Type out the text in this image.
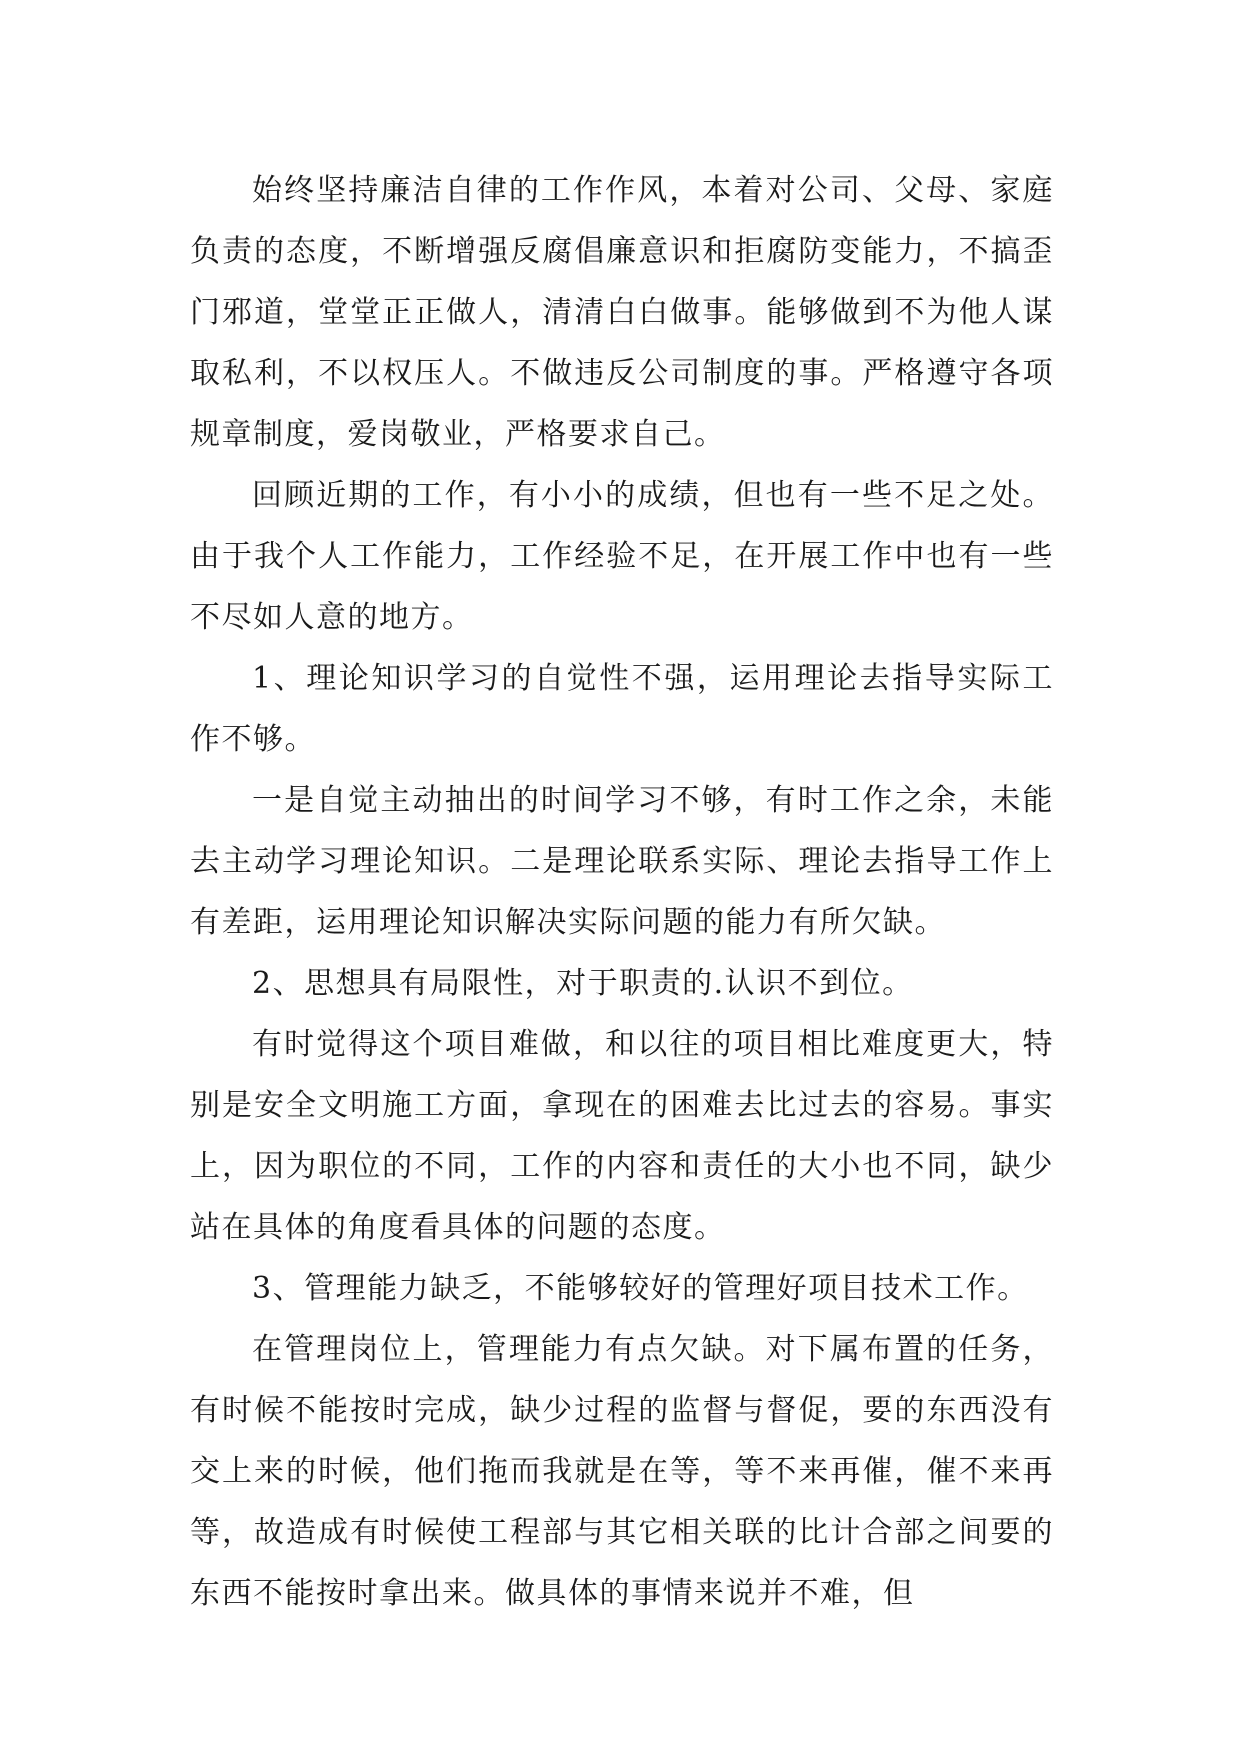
始终坚持廉洁自律的工作作风，本着对公司、父母、家庭负责的态度，不断增强反腐倡廉意识和拒腐防变能力，不搞歪门邪道，堂堂正正做人，清清白白做事。能够做到不为他人谋取私利，不以权压人。不做违反公司制度的事。严格遵守各项规章制度，爱岗敬业，严格要求自己。

回顾近期的工作，有小小的成绩，但也有一些不足之处。由于我个人工作能力，工作经验不足，在开展工作中也有一些不尽如人意的地方。

1、理论知识学习的自觉性不强，运用理论去指导实际工作不够。

一是自觉主动抽出的时间学习不够，有时工作之余，未能去主动学习理论知识。二是理论联系实际、理论去指导工作上有差距，运用理论知识解决实际问题的能力有所欠缺。

2、思想具有局限性，对于职责的.认识不到位。

有时觉得这个项目难做，和以往的项目相比难度更大，特别是安全文明施工方面，拿现在的困难去比过去的容易。事实上，因为职位的不同，工作的内容和责任的大小也不同，缺少站在具体的角度看具体的问题的态度。

3、管理能力缺乏，不能够较好的管理好项目技术工作。

在管理岗位上，管理能力有点欠缺。对下属布置的任务，有时候不能按时完成，缺少过程的监督与督促，要的东西没有交上来的时候，他们拖而我就是在等，等不来再催，催不来再等，故造成有时候使工程部与其它相关联的比计合部之间要的东西不能按时拿出来。做具体的事情来说并不难，但
